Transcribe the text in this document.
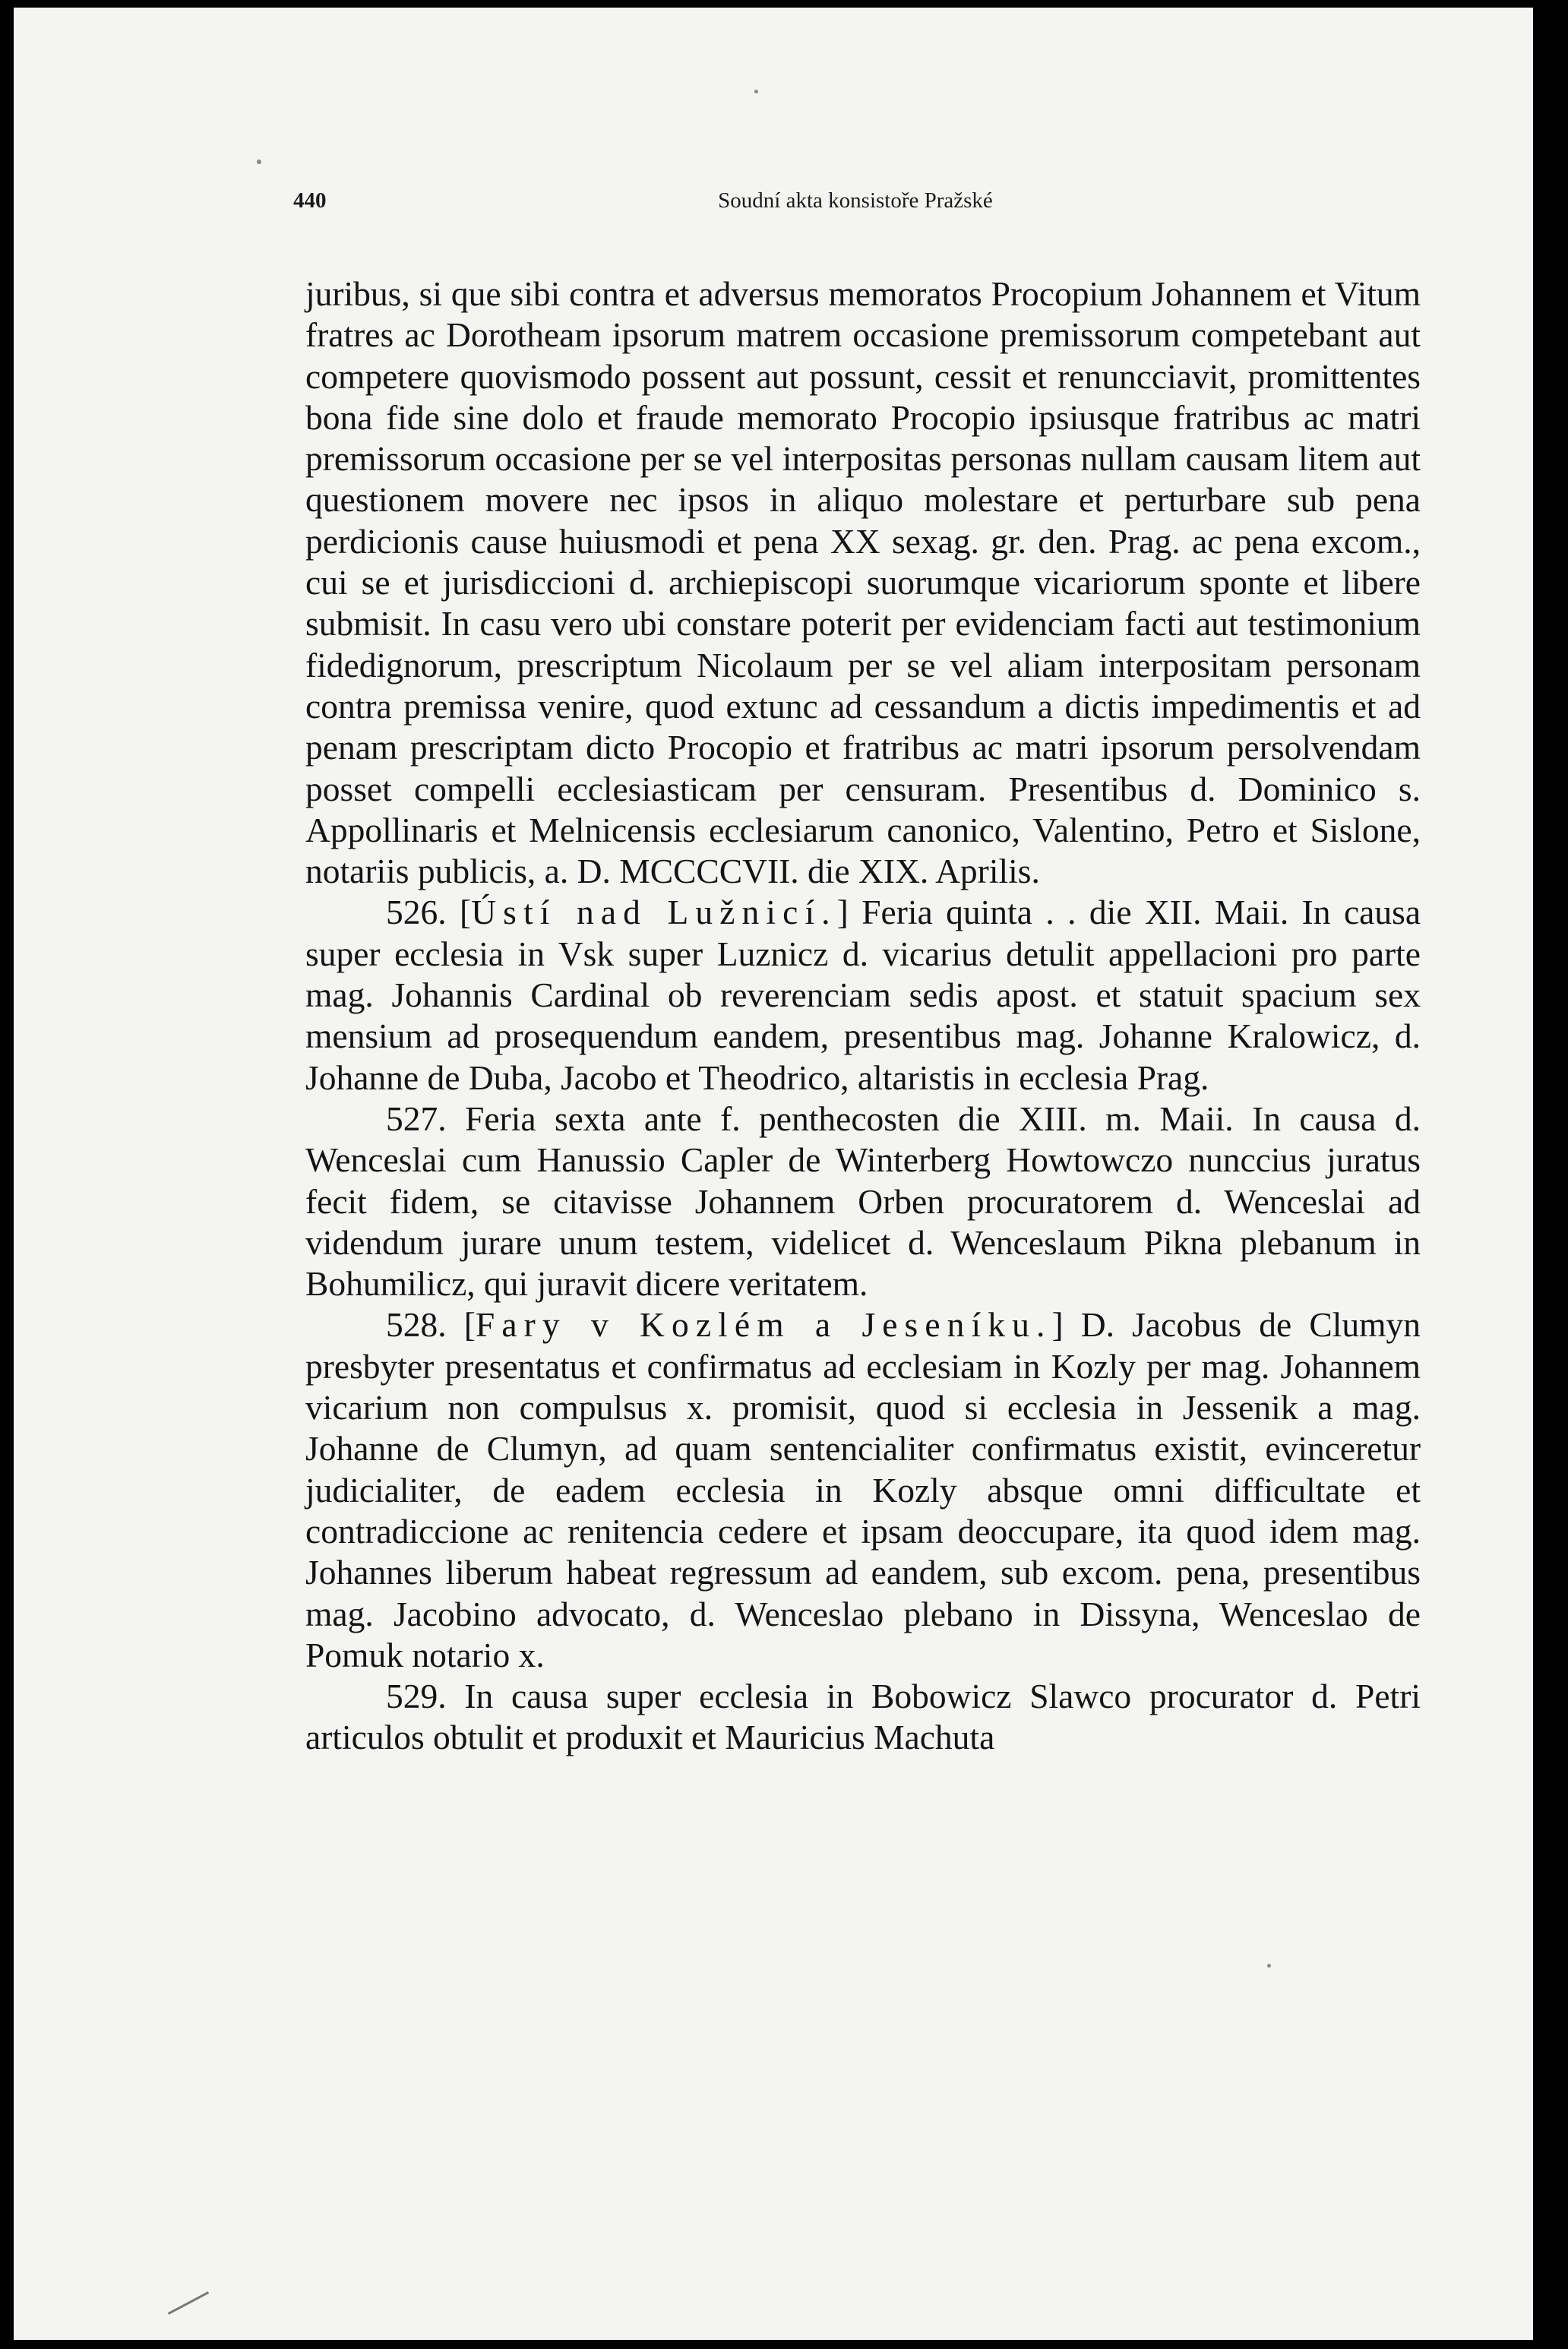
440	Soudní akta konsistoře Pražské

juribus, si que sibi contra et adversus memoratos Procopium Johannem et Vitum fratres ac Dorotheam ipsorum matrem occasione premissorum competebant aut competere quovismodo possent aut possunt, cessit et renuncciavit, promittentes bona fide sine dolo et fraude memorato Procopio ipsiusque fratribus ac matri premissorum occasione per se vel interpositas personas nullam causam litem aut questionem movere nec ipsos in aliquo molestare et perturbare sub pena perdicionis cause huiusmodi et pena XX sexag. gr. den. Prag. ac pena excom., cui se et jurisdiccioni d. archiepiscopi suorumque vicariorum sponte et libere submisit. In casu vero ubi constare poterit per evidenciam facti aut testimonium fidedignorum, prescriptum Nicolaum per se vel aliam interpositam personam contra premissa venire, quod extunc ad cessandum a dictis impedimentis et ad penam prescriptam dicto Procopio et fratribus ac matri ipsorum persolvendam posset compelli ecclesiasticam per censuram. Presentibus d. Dominico s. Appollinaris et Melnicensis ecclesiarum canonico, Valentino, Petro et Sislone, notariis publicis, a. D. MCCCCVII. die XIX. Aprilis.

526. [Ústí nad Lužnicí.] Feria quinta . . die XII. Maii. In causa super ecclesia in Vsk super Luznicz d. vicarius detulit appellacioni pro parte mag. Johannis Cardinal ob reverenciam sedis apost. et statuit spacium sex mensium ad prosequendum eandem, presentibus mag. Johanne Kralowicz, d. Johanne de Duba, Jacobo et Theodrico, altaristis in ecclesia Prag.

527. Feria sexta ante f. penthecosten die XIII. m. Maii. In causa d. Wenceslai cum Hanussio Capler de Winterberg Howtowczo nunccius juratus fecit fidem, se citavisse Johannem Orben procuratorem d. Wenceslai ad videndum jurare unum testem, videlicet d. Wenceslaum Pikna plebanum in Bohumilicz, qui juravit dicere veritatem.

528. [Fary v Kozlém a Jeseníku.] D. Jacobus de Clumyn presbyter presentatus et confirmatus ad ecclesiam in Kozly per mag. Johannem vicarium non compulsus x. promisit, quod si ecclesia in Jessenik a mag. Johanne de Clumyn, ad quam sentencialiter confirmatus existit, evinceretur judicialiter, de eadem ecclesia in Kozly absque omni difficultate et contradiccione ac renitencia cedere et ipsam deoccupare, ita quod idem mag. Johannes liberum habeat regressum ad eandem, sub excom. pena, presentibus mag. Jacobino advocato, d. Wenceslao plebano in Dissyna, Wenceslao de Pomuk notario x.

529. In causa super ecclesia in Bobowicz Slawco procurator d. Petri articulos obtulit et produxit et Mauricius Machuta
